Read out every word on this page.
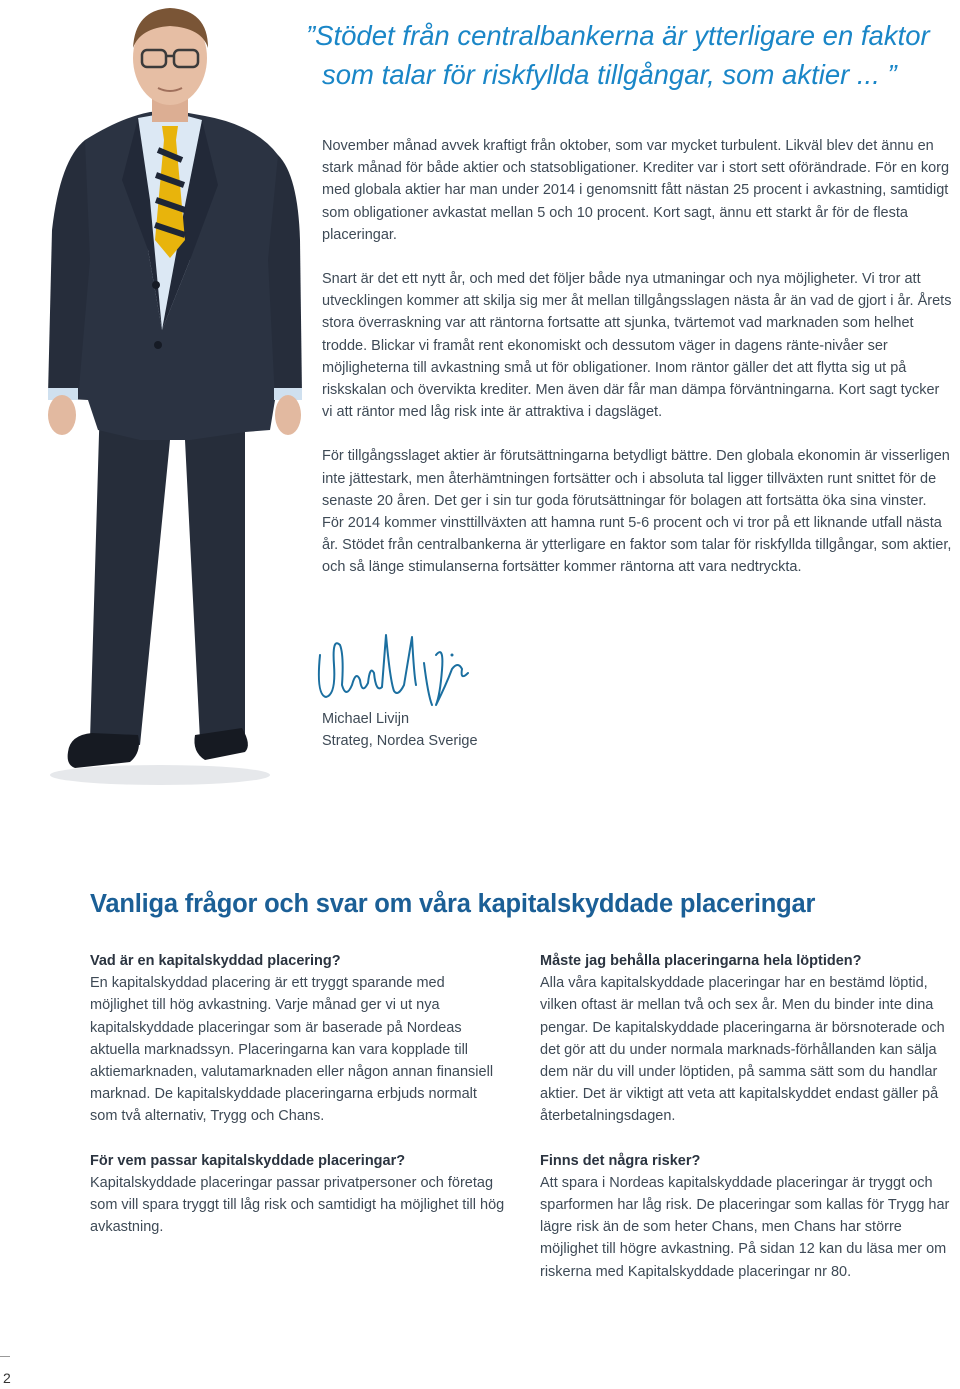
”Stödet från centralbankerna är ytterligare en faktor
som talar för riskfyllda tillgångar, som aktier ... ”

November månad avvek kraftigt från oktober, som var mycket turbulent. Likväl blev det ännu en stark månad för både aktier och statsobligationer. Krediter var i stort sett oförändrade. För en korg med globala aktier har man under 2014 i genomsnitt fått nästan 25 procent i avkastning, samtidigt som obligationer avkastat mellan 5 och 10 procent. Kort sagt, ännu ett starkt år för de flesta placeringar.

Snart är det ett nytt år, och med det följer både nya utmaningar och nya möjligheter. Vi tror att utvecklingen kommer att skilja sig mer åt mellan tillgångsslagen nästa år än vad de gjort i år. Årets stora överraskning var att räntorna fortsatte att sjunka, tvärtemot vad marknaden som helhet trodde. Blickar vi framåt rent ekonomiskt och dessutom väger in dagens ränte-nivåer ser möjligheterna till avkastning små ut för obligationer. Inom räntor gäller det att flytta sig ut på riskskalan och övervikta krediter. Men även där får man dämpa förväntningarna. Kort sagt tycker vi att räntor med låg risk inte är attraktiva i dagsläget.

För tillgångsslaget aktier är förutsättningarna betydligt bättre. Den globala ekonomin är visserligen inte jättestark, men återhämtningen fortsätter och i absoluta tal ligger tillväxten runt snittet för de senaste 20 åren. Det ger i sin tur goda förutsättningar för bolagen att fortsätta öka sina vinster. För 2014 kommer vinsttillväxten att hamna runt 5-6 procent och vi tror på ett liknande utfall nästa år. Stödet från centralbankerna är ytterligare en faktor som talar för riskfyllda tillgångar, som aktier, och så länge stimulanserna fortsätter kommer räntorna att vara nedtryckta.

Michael Livijn
Strateg, Nordea Sverige
Vanliga frågor och svar om våra kapitalskyddade placeringar
Vad är en kapitalskyddad placering?

En kapitalskyddad placering är ett tryggt sparande med möjlighet till hög avkastning. Varje månad ger vi ut nya kapitalskyddade placeringar som är baserade på Nordeas aktuella marknadssyn. Placeringarna kan vara kopplade till aktiemarknaden, valutamarknaden eller någon annan finansiell marknad. De kapitalskyddade placeringarna erbjuds normalt som två alternativ, Trygg och Chans.

För vem passar kapitalskyddade placeringar?

Kapitalskyddade placeringar passar privatpersoner och företag som vill spara tryggt till låg risk och samtidigt ha möjlighet till hög avkastning.

Måste jag behålla placeringarna hela löptiden?

Alla våra kapitalskyddade placeringar har en bestämd löptid, vilken oftast är mellan två och sex år. Men du binder inte dina pengar. De kapitalskyddade placeringarna är börsnoterade och det gör att du under normala marknads-förhållanden kan sälja dem när du vill under löptiden, på samma sätt som du handlar aktier. Det är viktigt att veta att kapitalskyddet endast gäller på återbetalningsdagen.

Finns det några risker?

Att spara i Nordeas kapitalskyddade placeringar är tryggt och sparformen har låg risk. De placeringar som kallas för Trygg har lägre risk än de som heter Chans, men Chans har större möjlighet till högre avkastning. På sidan 12 kan du läsa mer om riskerna med Kapitalskyddade placeringar nr 80.

2
